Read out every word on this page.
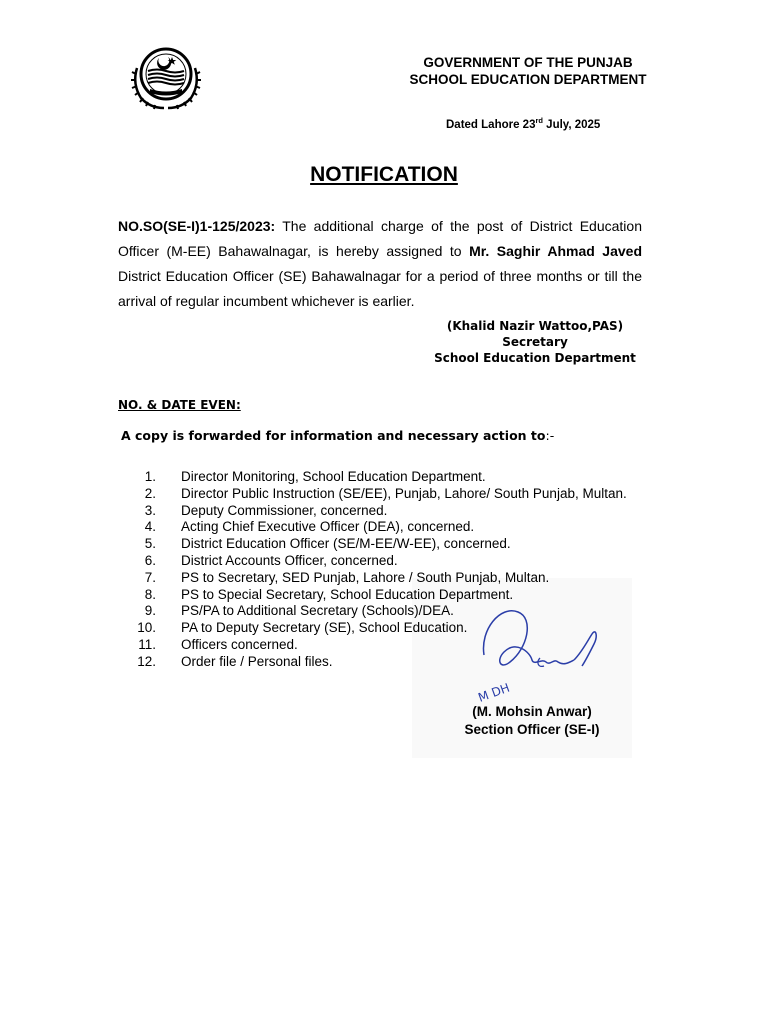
GOVERNMENT OF THE PUNJAB
SCHOOL EDUCATION DEPARTMENT
Dated Lahore 23rd July, 2025
NOTIFICATION
NO.SO(SE-I)1-125/2023: The additional charge of the post of District Education Officer (M-EE) Bahawalnagar, is hereby assigned to Mr. Saghir Ahmad Javed District Education Officer (SE) Bahawalnagar for a period of three months or till the arrival of regular incumbent whichever is earlier.
(Khalid Nazir Wattoo,PAS)
Secretary
School Education Department
NO. & DATE EVEN:
A copy is forwarded for information and necessary action to:-
1. Director Monitoring, School Education Department.
2. Director Public Instruction (SE/EE), Punjab, Lahore/ South Punjab, Multan.
3. Deputy Commissioner, concerned.
4. Acting Chief Executive Officer (DEA), concerned.
5. District Education Officer (SE/M-EE/W-EE), concerned.
6. District Accounts Officer, concerned.
7. PS to Secretary, SED Punjab, Lahore / South Punjab, Multan.
8. PS to Special Secretary, School Education Department.
9. PS/PA to Additional Secretary (Schools)/DEA.
10. PA to Deputy Secretary (SE), School Education.
11. Officers concerned.
12. Order file / Personal files.
M DH
(M. Mohsin Anwar)
Section Officer (SE-I)
